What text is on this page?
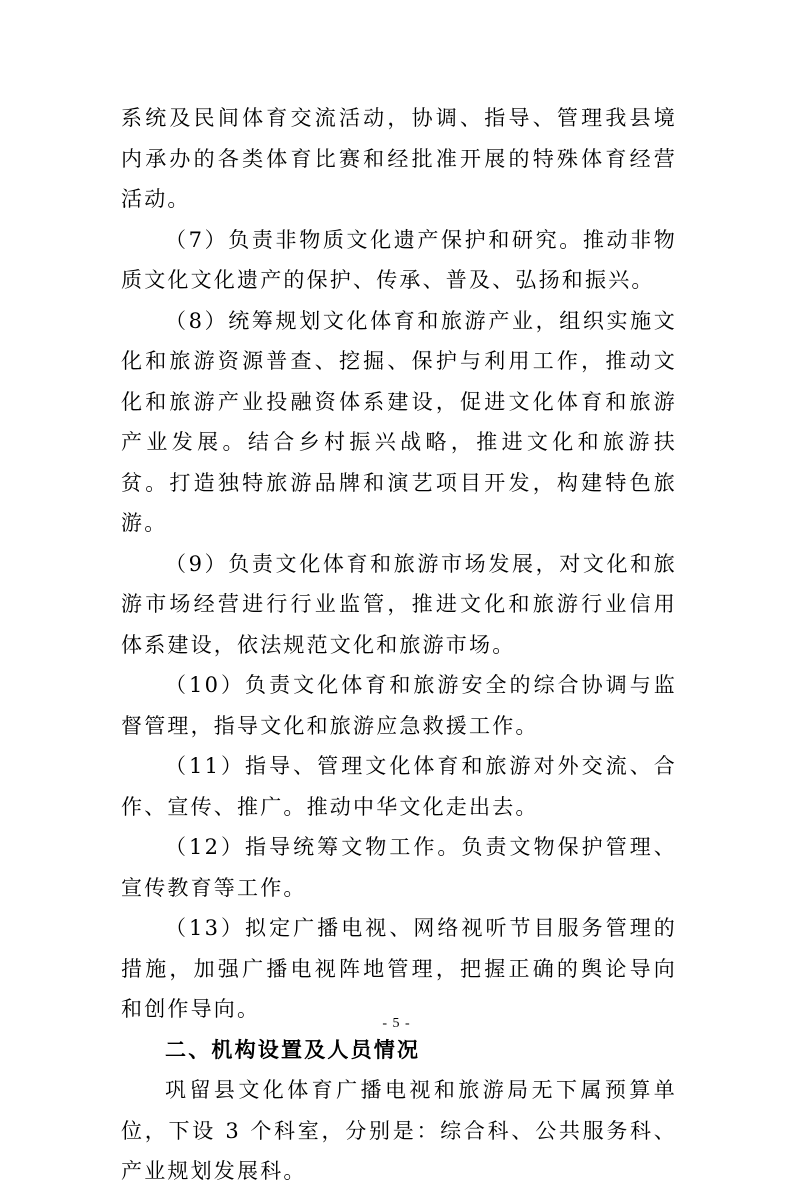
系统及民间体育交流活动，协调、指导、管理我县境内承办的各类体育比赛和经批准开展的特殊体育经营活动。

（7）负责非物质文化遗产保护和研究。推动非物质文化文化遗产的保护、传承、普及、弘扬和振兴。

（8）统筹规划文化体育和旅游产业，组织实施文化和旅游资源普查、挖掘、保护与利用工作，推动文化和旅游产业投融资体系建设，促进文化体育和旅游产业发展。结合乡村振兴战略，推进文化和旅游扶贫。打造独特旅游品牌和演艺项目开发，构建特色旅游。

（9）负责文化体育和旅游市场发展，对文化和旅游市场经营进行行业监管，推进文化和旅游行业信用体系建设，依法规范文化和旅游市场。

（10）负责文化体育和旅游安全的综合协调与监督管理，指导文化和旅游应急救援工作。

（11）指导、管理文化体育和旅游对外交流、合作、宣传、推广。推动中华文化走出去。

（12）指导统筹文物工作。负责文物保护管理、宣传教育等工作。

（13）拟定广播电视、网络视听节目服务管理的措施，加强广播电视阵地管理，把握正确的舆论导向和创作导向。

二、机构设置及人员情况

巩留县文化体育广播电视和旅游局无下属预算单位，下设 3 个科室，分别是：综合科、公共服务科、产业规划发展科。

- 5 -
